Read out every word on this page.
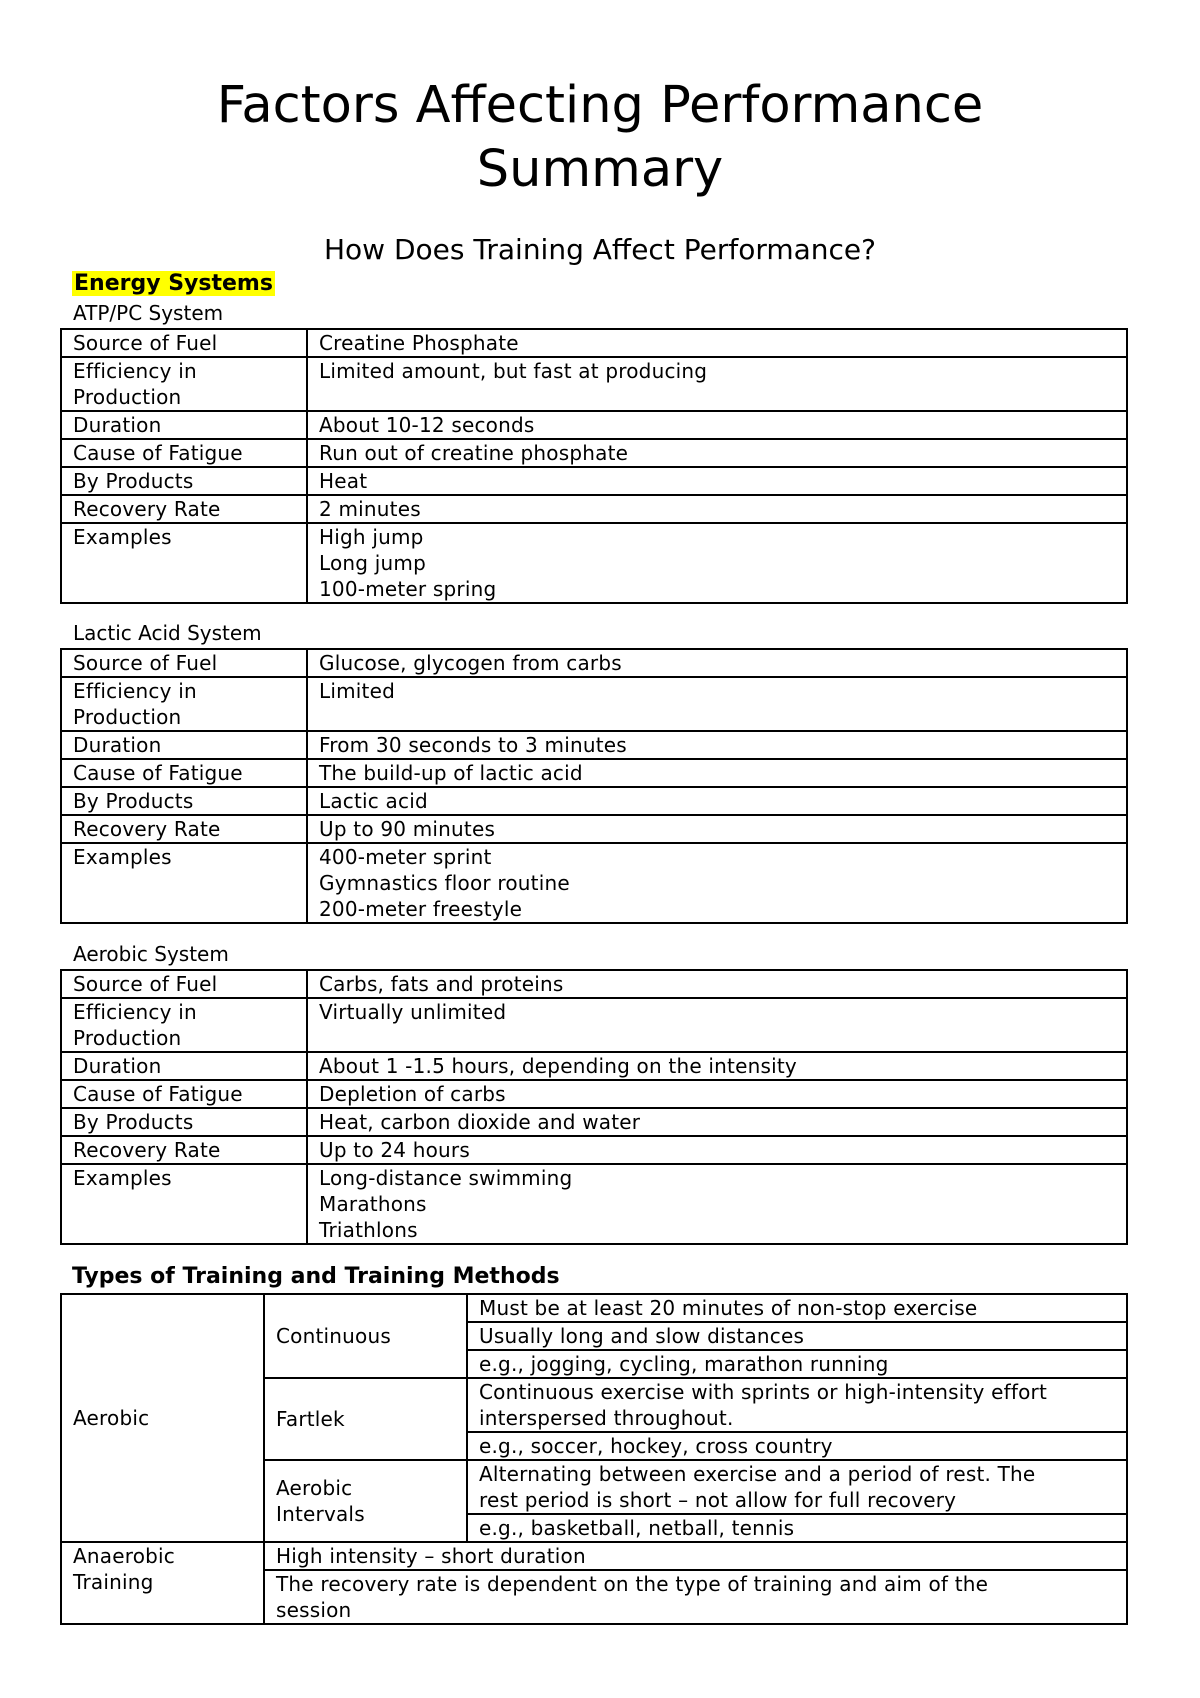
Factors Affecting Performance
Summary
How Does Training Affect Performance?
Energy Systems
ATP/PC System
Source of Fuel	Creatine Phosphate

Efficiency in
Production	Limited amount, but fast at producing
Duration	About 10-12 seconds
Cause of Fatigue	Run out of creatine phosphate
By Products	Heat
Recovery Rate	2 minutes
Examples	High jump
Long jump
100-meter spring
Lactic Acid System
Source of Fuel	Glucose, glycogen from carbs

Efficiency in
Production	Limited
Duration	From 30 seconds to 3 minutes
Cause of Fatigue	The build-up of lactic acid
By Products	Lactic acid
Recovery Rate	Up to 90 minutes
Examples	400-meter sprint
Gymnastics floor routine
200-meter freestyle
Aerobic System
Source of Fuel	Carbs, fats and proteins

Efficiency in
Production	Virtually unlimited
Duration	About 1 -1.5 hours, depending on the intensity
Cause of Fatigue	Depletion of carbs
By Products	Heat, carbon dioxide and water
Recovery Rate	Up to 24 hours
Examples	Long-distance swimming
Marathons
Triathlons
Types of Training and Training Methods
Aerobic	Continuous	Must be at least 20 minutes of non-stop exercise
		Usually long and slow distances
		e.g., jogging, cycling, marathon running
	Fartlek	Continuous exercise with sprints or high-intensity effort
interspersed throughout.

		e.g., soccer, hockey, cross country

	Aerobic
Intervals	Alternating between exercise and a period of rest. The
rest period is short – not allow for full recovery

		e.g., basketball, netball, tennis

Anaerobic
Training	High intensity – short duration	

	The recovery rate is dependent on the type of training and aim of the
session	
